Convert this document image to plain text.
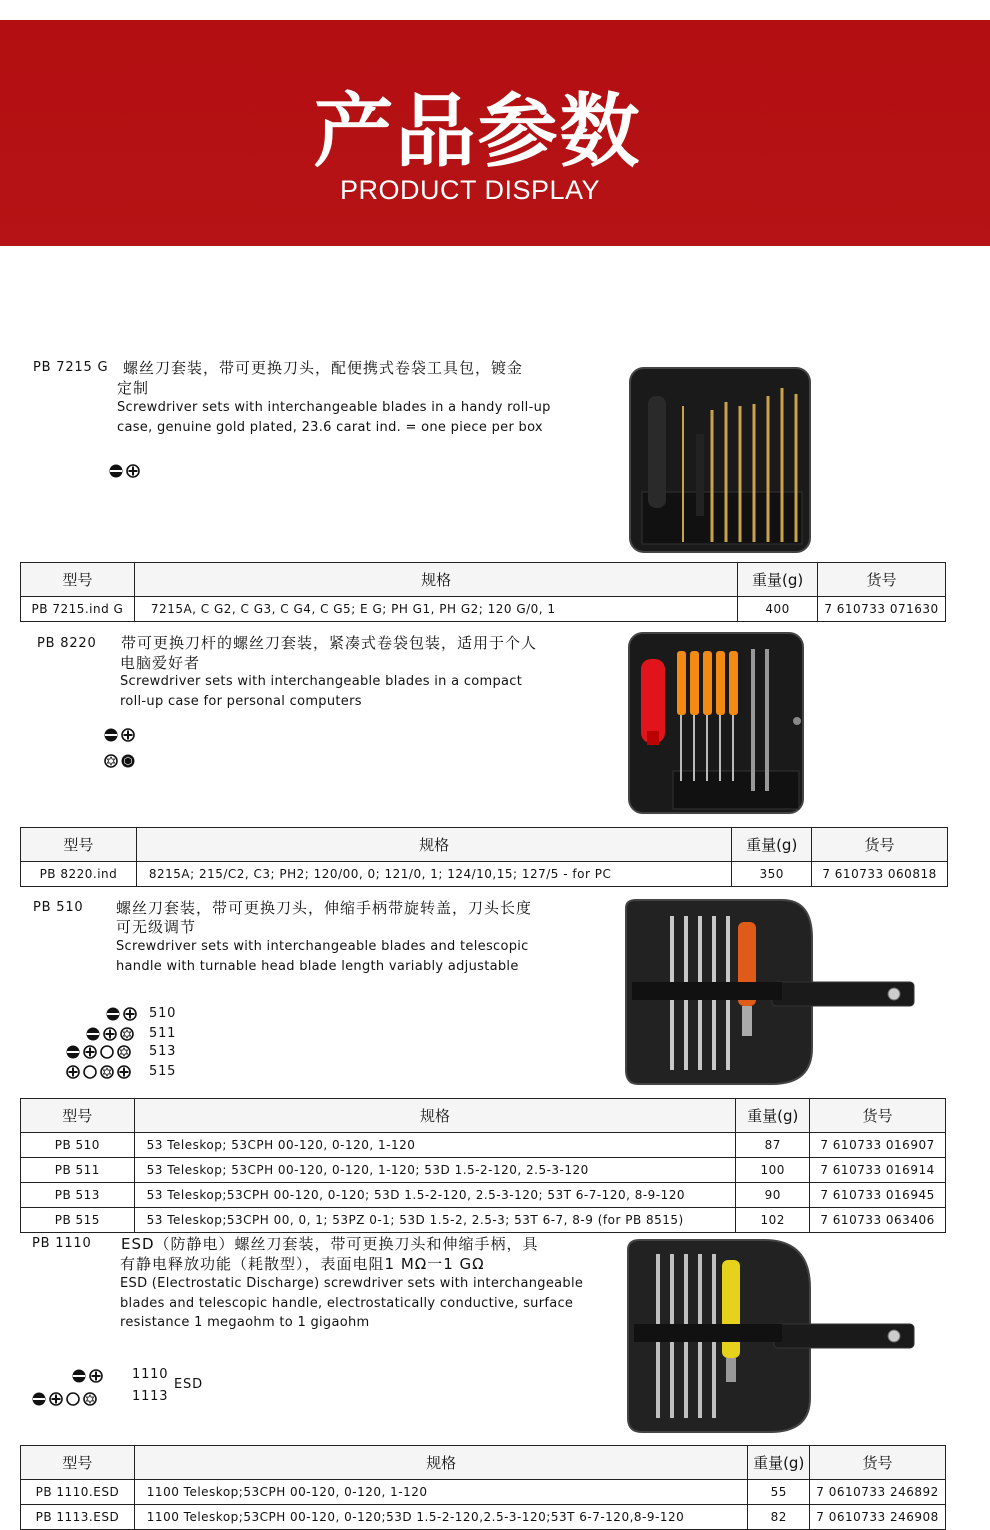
产品参数
PRODUCT DISPLAY
PB 7215 G 螺丝刀套装，带可更换刀头，配便携式卷袋工具包，镀金
定制
Screwdriver sets with interchangeable blades in a handy roll-up
case, genuine gold plated, 23.6 carat ind. = one piece per box
型号	规格	重量(g)	货号
PB 7215.ind G	7215A, C G2, C G3, C G4, C G5; E G; PH G1, PH G2; 120 G/0, 1	400	7 610733 071630
PB 8220 带可更换刀杆的螺丝刀套装，紧凑式卷袋包装，适用于个人
电脑爱好者
Screwdriver sets with interchangeable blades in a compact
roll-up case for personal computers
型号	规格	重量(g)	货号
PB 8220.ind	8215A; 215/C2, C3; PH2; 120/00, 0; 121/0, 1; 124/10,15; 127/5 - for PC	350	7 610733 060818
PB 510 螺丝刀套装，带可更换刀头，伸缩手柄带旋转盖，刀头长度
可无级调节
Screwdriver sets with interchangeable blades and telescopic
handle with turnable head blade length variably adjustable
510
511
513
515
型号	规格	重量(g)	货号
PB 510	53 Teleskop; 53CPH 00-120, 0-120, 1-120	87	7 610733 016907
PB 511	53 Teleskop; 53CPH 00-120, 0-120, 1-120; 53D 1.5-2-120, 2.5-3-120	100	7 610733 016914
PB 513	53 Teleskop;53CPH 00-120, 0-120; 53D 1.5-2-120, 2.5-3-120; 53T 6-7-120, 8-9-120	90	7 610733 016945
PB 515	53 Teleskop;53CPH 00, 0, 1; 53PZ 0-1; 53D 1.5-2, 2.5-3; 53T 6-7, 8-9 (for PB 8515)	102	7 610733 063406
PB 1110 ESD（防静电）螺丝刀套装，带可更换刀头和伸缩手柄，具
有静电释放功能（耗散型），表面电阻1 MΩ一1 GΩ
ESD (Electrostatic Discharge) screwdriver sets with interchangeable
blades and telescopic handle, electrostatically conductive, surface
resistance 1 megaohm to 1 gigaohm
1110
1113
ESD
型号	规格	重量(g)	货号
PB 1110.ESD	1100 Teleskop;53CPH 00-120, 0-120, 1-120	55	7 0610733 246892
PB 1113.ESD	1100 Teleskop;53CPH 00-120, 0-120;53D 1.5-2-120,2.5-3-120;53T 6-7-120,8-9-120	82	7 0610733 246908
